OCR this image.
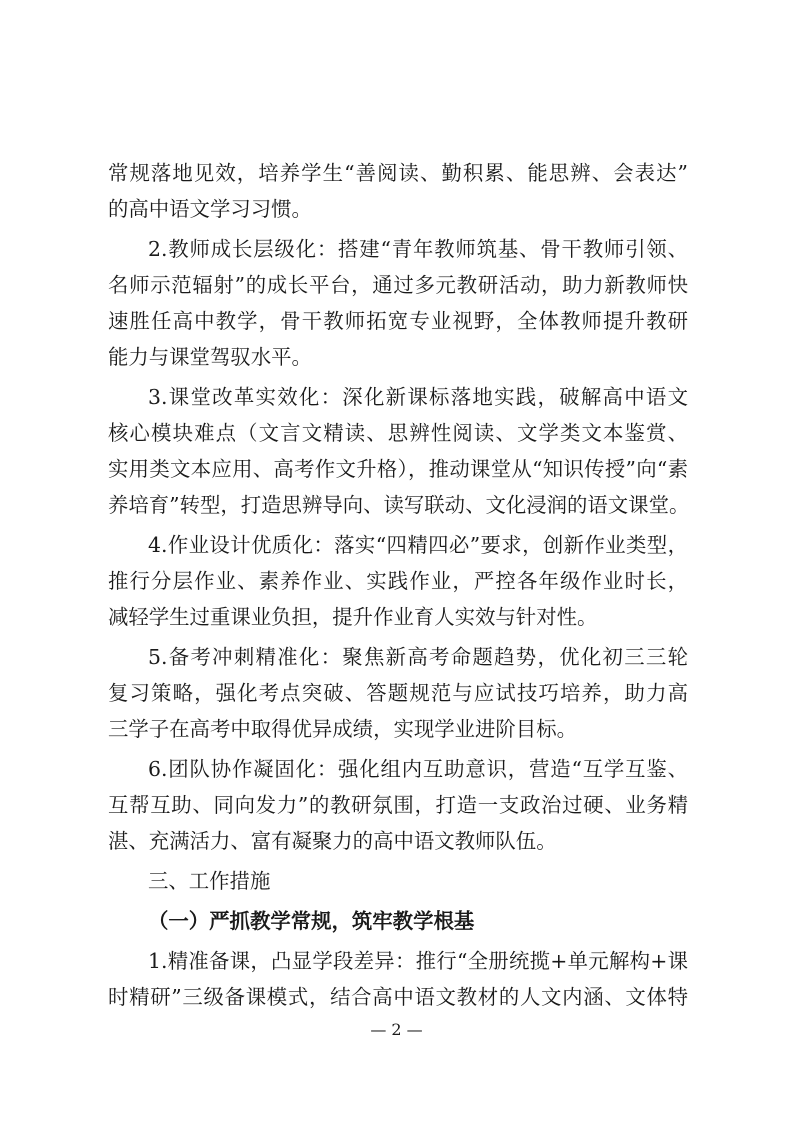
常规落地见效，培养学生“善阅读、勤积累、能思辨、会表达”
的高中语文学习习惯。
2.教师成长层级化：搭建“青年教师筑基、骨干教师引领、
名师示范辐射”的成长平台，通过多元教研活动，助力新教师快
速胜任高中教学，骨干教师拓宽专业视野，全体教师提升教研
能力与课堂驾驭水平。
3.课堂改革实效化：深化新课标落地实践，破解高中语文
核心模块难点（文言文精读、思辨性阅读、文学类文本鉴赏、
实用类文本应用、高考作文升格），推动课堂从“知识传授”向“素
养培育”转型，打造思辨导向、读写联动、文化浸润的语文课堂。
4.作业设计优质化：落实“四精四必”要求，创新作业类型，
推行分层作业、素养作业、实践作业，严控各年级作业时长，
减轻学生过重课业负担，提升作业育人实效与针对性。
5.备考冲刺精准化：聚焦新高考命题趋势，优化初三三轮
复习策略，强化考点突破、答题规范与应试技巧培养，助力高
三学子在高考中取得优异成绩，实现学业进阶目标。
6.团队协作凝固化：强化组内互助意识，营造“互学互鉴、
互帮互助、同向发力”的教研氛围，打造一支政治过硬、业务精
湛、充满活力、富有凝聚力的高中语文教师队伍。
三、工作措施
（一）严抓教学常规，筑牢教学根基
1.精准备课，凸显学段差异：推行“全册统揽+单元解构+课
时精研”三级备课模式，结合高中语文教材的人文内涵、文体特
— 2 —
